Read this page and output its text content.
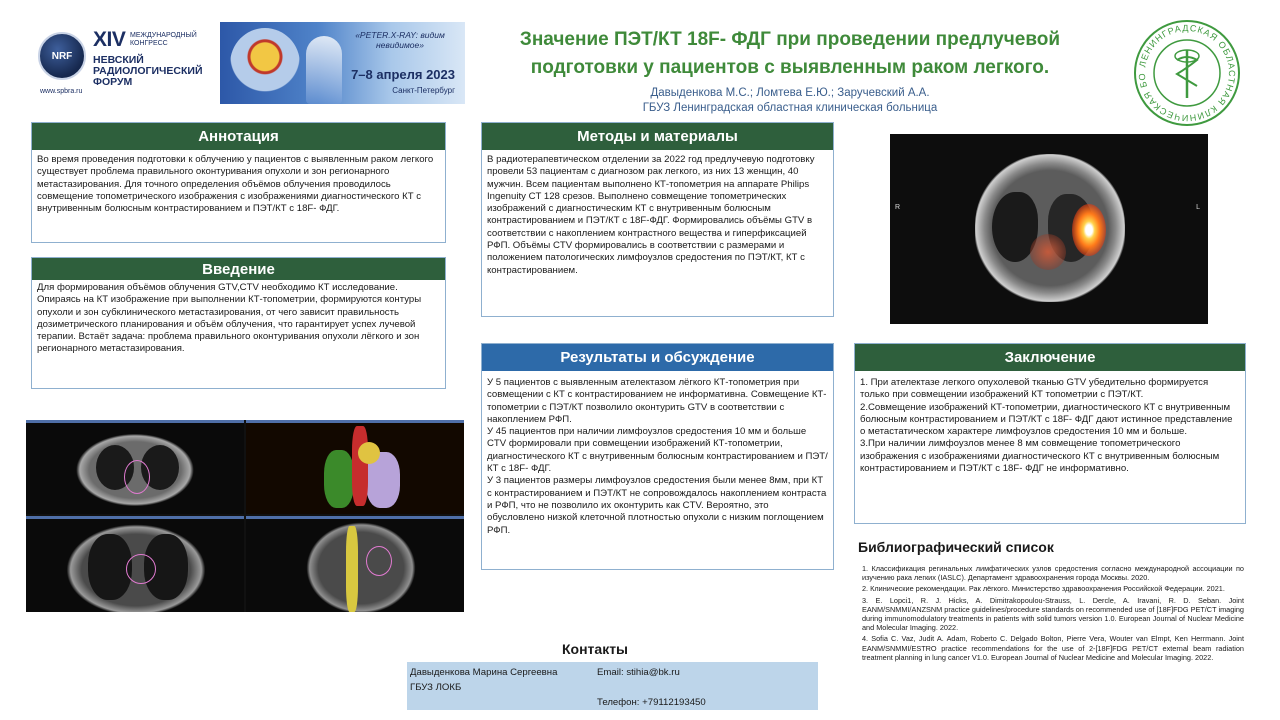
NRF
XIV МЕЖДУНАРОДНЫЙ КОНГРЕСС
НЕВСКИЙ РАДИОЛОГИЧЕСКИЙ ФОРУМ
www.spbra.ru
«PETER.X-RAY: видим невидимое»
7–8 апреля 2023
Санкт-Петербург
Значение ПЭТ/КТ 18F- ФДГ при проведении предлучевой подготовки у пациентов с выявленным раком легкого.
Давыденкова М.С.; Ломтева Е.Ю.; Заручевский А.А.
ГБУЗ Ленинградская областная клиническая больница
ЛЕНИНГРАДСКАЯ ОБЛАСТНАЯ КЛИНИЧЕСКАЯ БО
Аннотация
Во время проведения подготовки к облучению у пациентов с выявленным раком легкого существует проблема правильного оконтуривания опухоли и зон регионарного метастазирования. Для точного определения объёмов облучения проводилось совмещение топометрического изображения с изображениями диагностического КТ с внутривенным болюсным контрастированием и ПЭТ/КТ с 18F- ФДГ.
Введение
Для формирования объёмов облучения GTV,CTV необходимо КТ исследование. Опираясь на КТ изображение при выполнении КТ-топометрии, формируются контуры опухоли и зон субклинического метастазирования, от чего зависит правильность дозиметрического планирования и объём облучения, что гарантирует успех лучевой терапии. Встаёт задача: проблема правильного оконтуривания опухоли лёгкого и зон регионарного метастазирования.
Методы и материалы
В радиотерапевтическом отделении за 2022 год предлучевую подготовку провели 53 пациентам с диагнозом рак легкого, из них 13 женщин, 40 мужчин. Всем пациентам выполнено КТ-топометрия на аппарате Philips Ingenuity CT 128 срезов. Выполнено совмещение топометрических изображений с диагностическим КТ с внутривенным болюсным контрастированием и ПЭТ/КТ с 18F-ФДГ. Формировались объёмы GTV в соответствии с накоплением контрастного вещества и гиперфиксацией РФП. Объёмы CTV формировались в соответствии с размерами и положением патологических лимфоузлов средостения по ПЭТ/КТ, КТ с контрастированием.
Результаты и обсуждение

У 5 пациентов с выявленным ателектазом лёгкого КТ-топометрия при совмещении с КТ с контрастированием не информативна. Совмещение КТ-топометрии с ПЭТ/КТ позволило оконтурить GTV в соответствии с накоплением РФП.

У 45 пациентов при наличии лимфоузлов средостения 10 мм и больше CTV формировали при совмещении изображений КТ-топометрии, диагностического КТ с внутривенным болюсным контрастированием и ПЭТ/КТ с 18F- ФДГ.

У 3 пациентов размеры лимфоузлов средостения были менее 8мм, при КТ с контрастированием и ПЭТ/КТ не сопровождалось накоплением контраста и РФП, что не позволило их оконтурить как CTV. Вероятно, это обусловлено низкой клеточной плотностью опухоли с низким поглощением РФП.

Заключение

1. При ателектазе легкого опухолевой тканью GTV убедительно формируется только при совмещении изображений КТ топометрии с ПЭТ/КТ.

2.Совмещение изображений КТ-топометрии, диагностического КТ с внутривенным болюсным контрастированием и ПЭТ/КТ с 18F- ФДГ дают истинное представление о метастатическом характере лимфоузлов средостения 10 мм и больше.

3.При наличии лимфоузлов менее 8 мм совмещение топометрического изображения с изображениями диагностического КТ с внутривенным болюсным контрастированием и ПЭТ/КТ с 18F- ФДГ не информативно.

R	L
Библиографический список
1. Классификация регинальных лимфатических узлов средостения согласно международной ассоциации по изучению рака легких (IASLC). Департамент здравоохранения города Москвы. 2020.
2. Клинические рекомендации. Рак лёгкого. Министерство здравоохранения Российской Федерации. 2021.
3. E. Lopci1, R. J. Hicks, A. Dimitrakopoulou-Strauss, L. Dercle, A. Iravani, R. D. Seban. Joint EANM/SNMMI/ANZSNM practice guidelines/procedure standards on recommended use of [18F]FDG PET/CT imaging during immunomodulatory treatments in patients with solid tumors version 1.0. European Journal of Nuclear Medicine and Molecular Imaging. 2022.
4. Sofia C. Vaz, Judit A. Adam, Roberto C. Delgado Bolton, Pierre Vera, Wouter van Elmpt, Ken Herrmann. Joint EANM/SNMMI/ESTRO practice recommendations for the use of 2-[18F]FDG PET/CT external beam radiation treatment planning in lung cancer V1.0. European Journal of Nuclear Medicine and Molecular Imaging. 2022.
Контакты
Давыденкова Марина Сергеевна	Email: stihia@bk.ru
ГБУЗ ЛОКБ
Телефон: +79112193450
